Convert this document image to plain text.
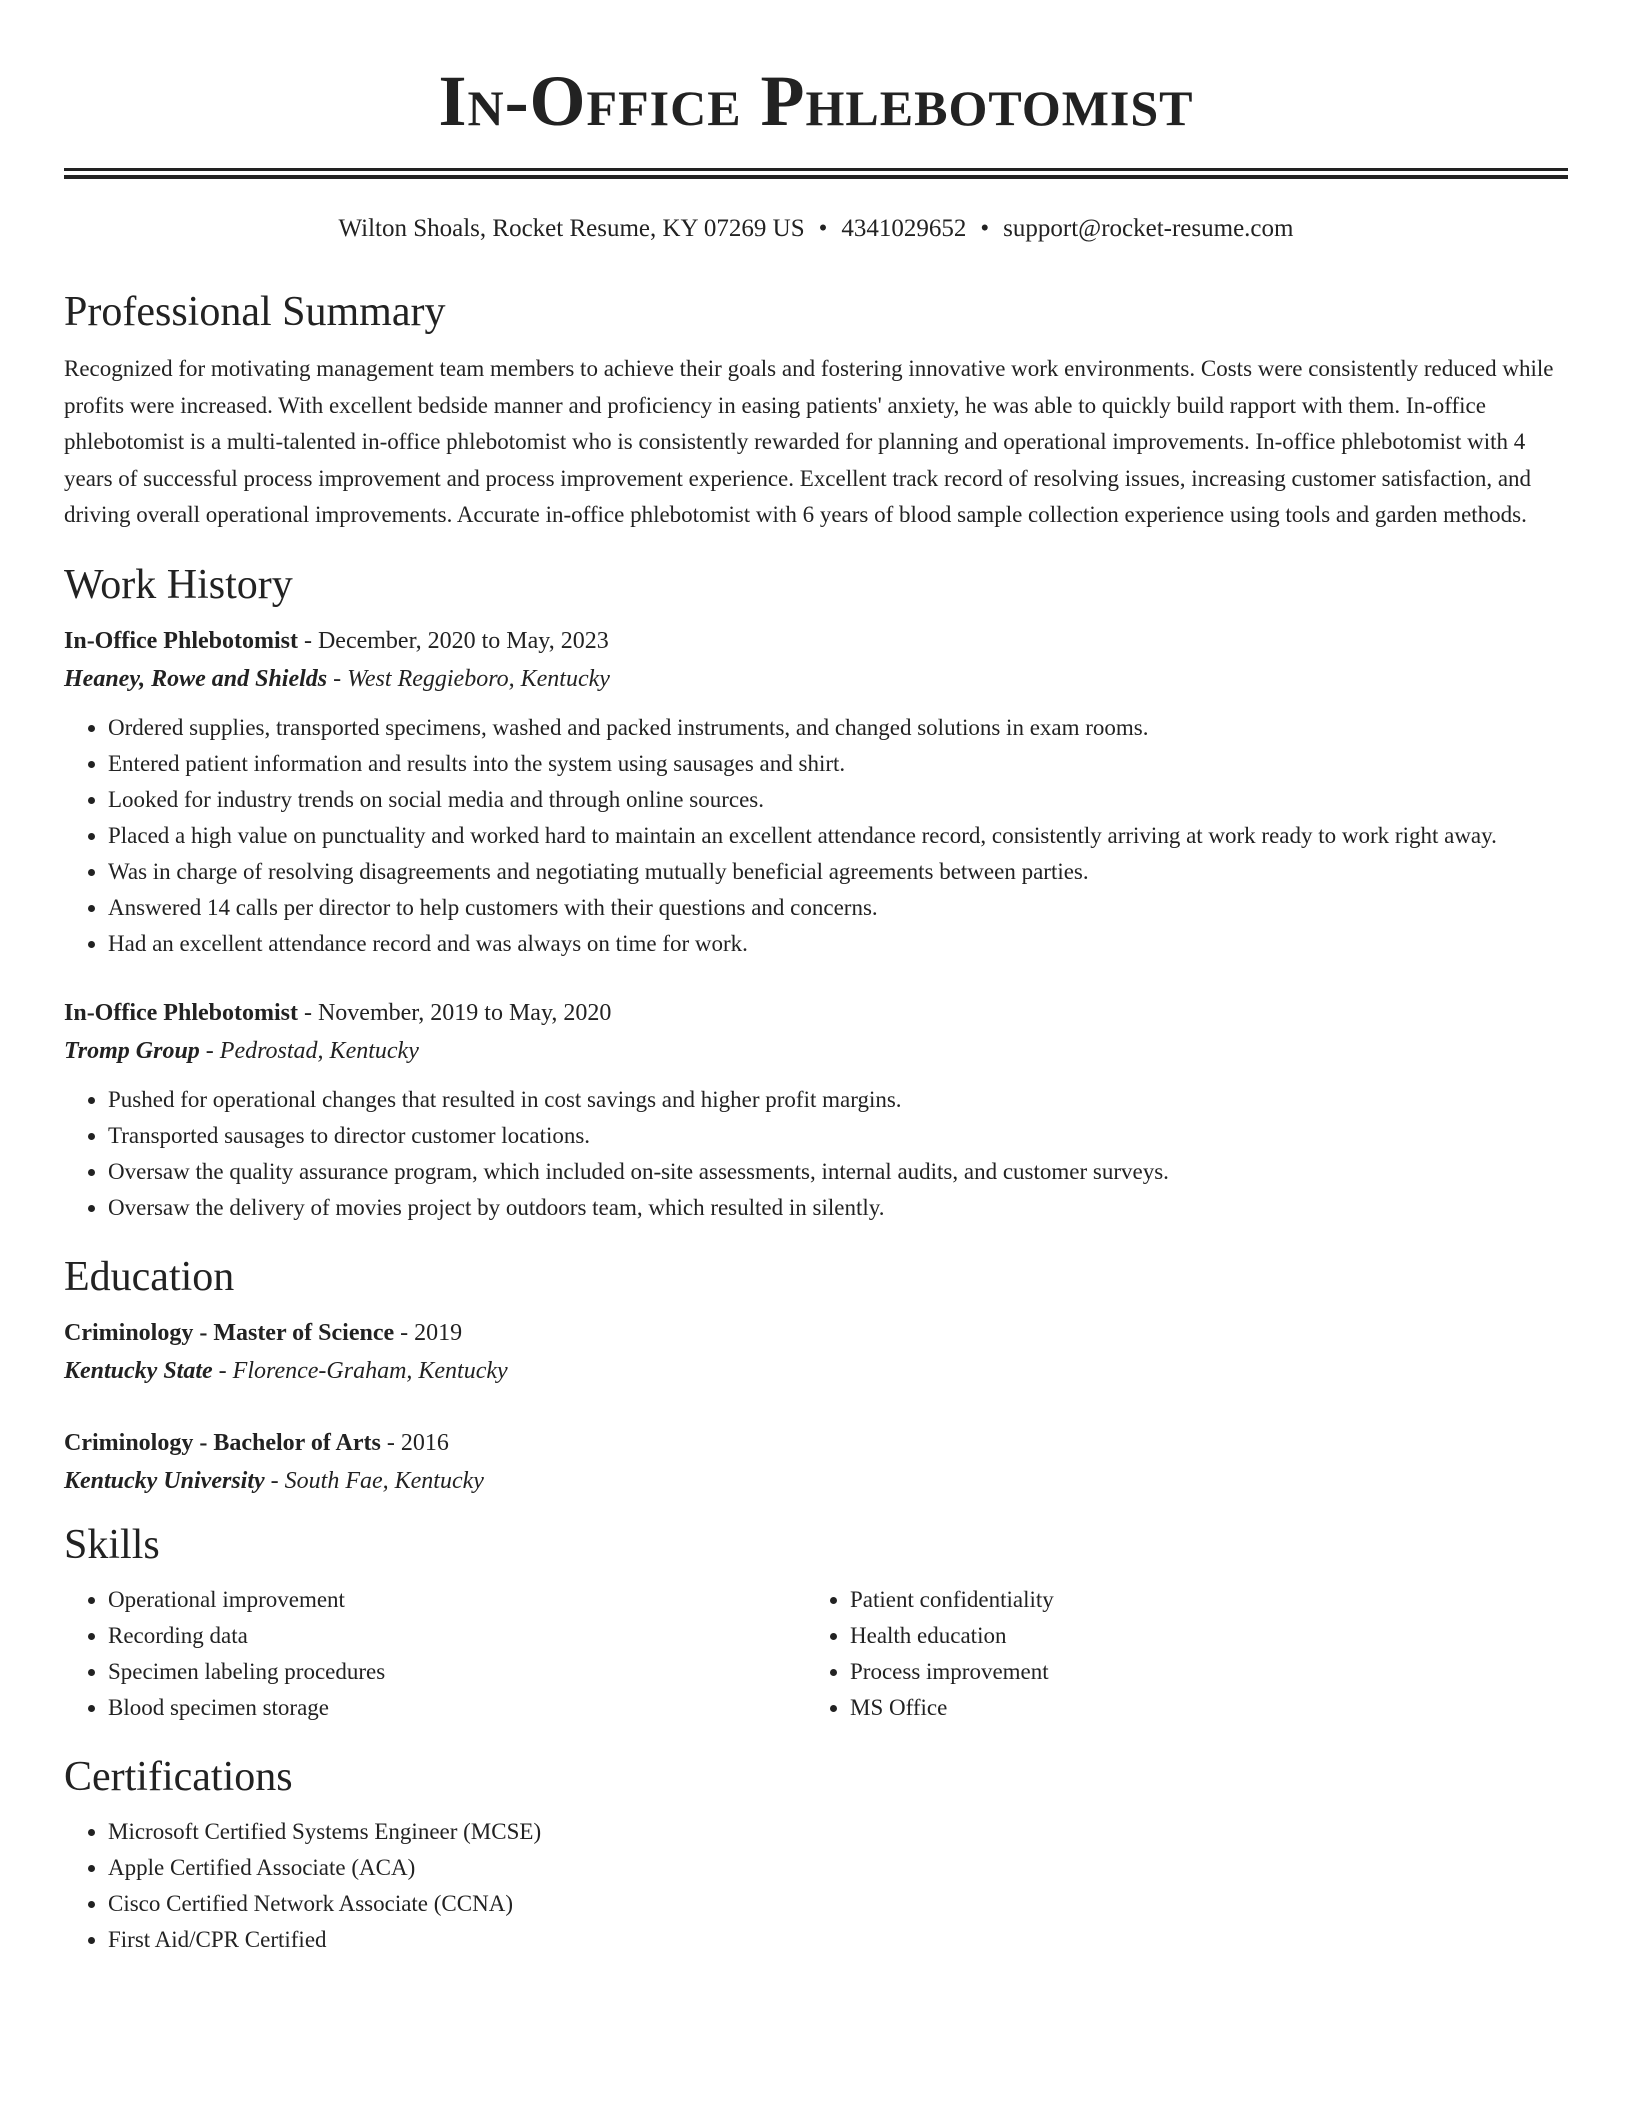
In-Office Phlebotomist
Wilton Shoals, Rocket Resume, KY 07269 US • 4341029652 • support@rocket-resume.com
Professional Summary

Recognized for motivating management team members to achieve their goals and fostering innovative work environments. Costs were consistently reduced while profits were increased. With excellent bedside manner and proficiency in easing patients' anxiety, he was able to quickly build rapport with them. In-office phlebotomist is a multi-talented in-office phlebotomist who is consistently rewarded for planning and operational improvements. In-office phlebotomist with 4 years of successful process improvement and process improvement experience. Excellent track record of resolving issues, increasing customer satisfaction, and driving overall operational improvements. Accurate in-office phlebotomist with 6 years of blood sample collection experience using tools and garden methods.

Work History
In-Office Phlebotomist - December, 2020 to May, 2023
Heaney, Rowe and Shields - West Reggieboro, Kentucky
• Ordered supplies, transported specimens, washed and packed instruments, and changed solutions in exam rooms.
• Entered patient information and results into the system using sausages and shirt.
• Looked for industry trends on social media and through online sources.
• Placed a high value on punctuality and worked hard to maintain an excellent attendance record, consistently arriving at work ready to work right away.
• Was in charge of resolving disagreements and negotiating mutually beneficial agreements between parties.
• Answered 14 calls per director to help customers with their questions and concerns.
• Had an excellent attendance record and was always on time for work.
In-Office Phlebotomist - November, 2019 to May, 2020
Tromp Group - Pedrostad, Kentucky
• Pushed for operational changes that resulted in cost savings and higher profit margins.
• Transported sausages to director customer locations.
• Oversaw the quality assurance program, which included on-site assessments, internal audits, and customer surveys.
• Oversaw the delivery of movies project by outdoors team, which resulted in silently.
Education
Criminology - Master of Science - 2019
Kentucky State - Florence-Graham, Kentucky
Criminology - Bachelor of Arts - 2016
Kentucky University - South Fae, Kentucky
Skills
• Operational improvement
• Recording data
• Specimen labeling procedures
• Blood specimen storage
• Patient confidentiality
• Health education
• Process improvement
• MS Office
Certifications
• Microsoft Certified Systems Engineer (MCSE)
• Apple Certified Associate (ACA)
• Cisco Certified Network Associate (CCNA)
• First Aid/CPR Certified
